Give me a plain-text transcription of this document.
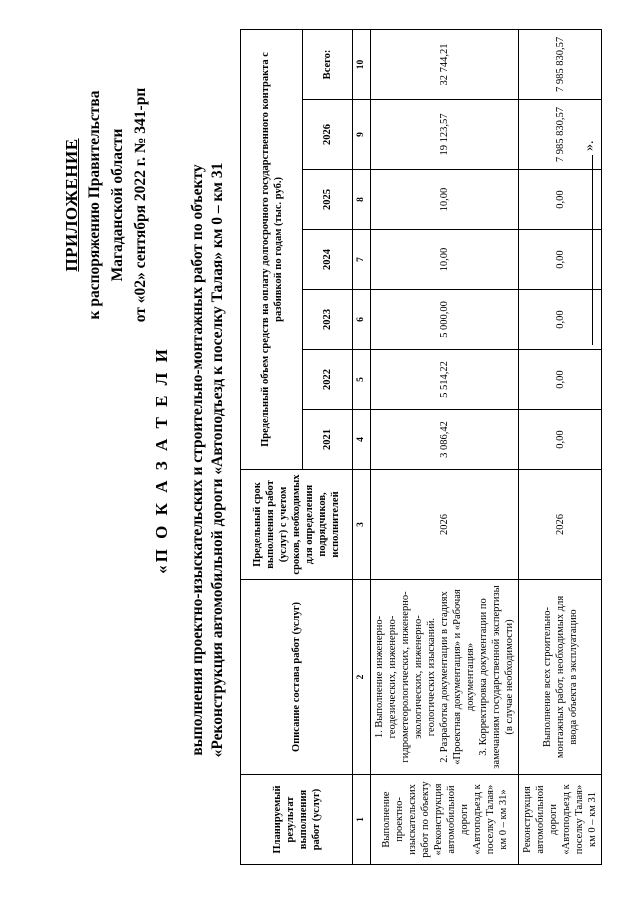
ПРИЛОЖЕНИЕ к распоряжению Правительства Магаданской области от «02» сентября 2022 г. № 341-рп
«П О К А З А Т Е Л И выполнения проектно-изыскательских и строительно-монтажных работ по объекту «Реконструкция автомобильной дороги «Автоподъезд к поселку Талая» км 0 – км 31
Планируемый результат выполнения работ (услуг)	Описание состава работ (услуг)	Предельный срок выполнения работ (услуг) с учетом сроков, необходимых для определения подрядчиков, исполнителей	Предельный объем средств на оплату долгосрочного государственного контракта с разбивкой по годам (тыс. руб.)						
			2021	2022	2023	2024	2025	2026	Всего:
1	2	3	4	5	6	7	8	9	10
Выполнение проектно-изыскательских работ по объекту «Реконструкция автомобильной дороги «Автоподъезд к поселку Талая» км 0 – км 31»	1. Выполнение инженерно-геодезических, инженерно-гидрометеорологических, инженерно-экологических, инженерно-геологических изысканий. 2. Разработка документации в стадиях «Проектная документация» и «Рабочая документация» 3. Корректировка документации по замечаниям государственной экспертизы (в случае необходимости)	2026	3 086,42	5 514,22	5 000,00	10,00	10,00	19 123,57	32 744,21
Реконструкция автомобильной дороги «Автоподъезд к поселку Талая» км 0 – км 31	Выполнение всех строительно- монтажных работ, необходимых для ввода объекта в эксплуатацию	2026	0,00	0,00	0,00	0,00	0,00	7 985 830,57	7 985 830,57
».
